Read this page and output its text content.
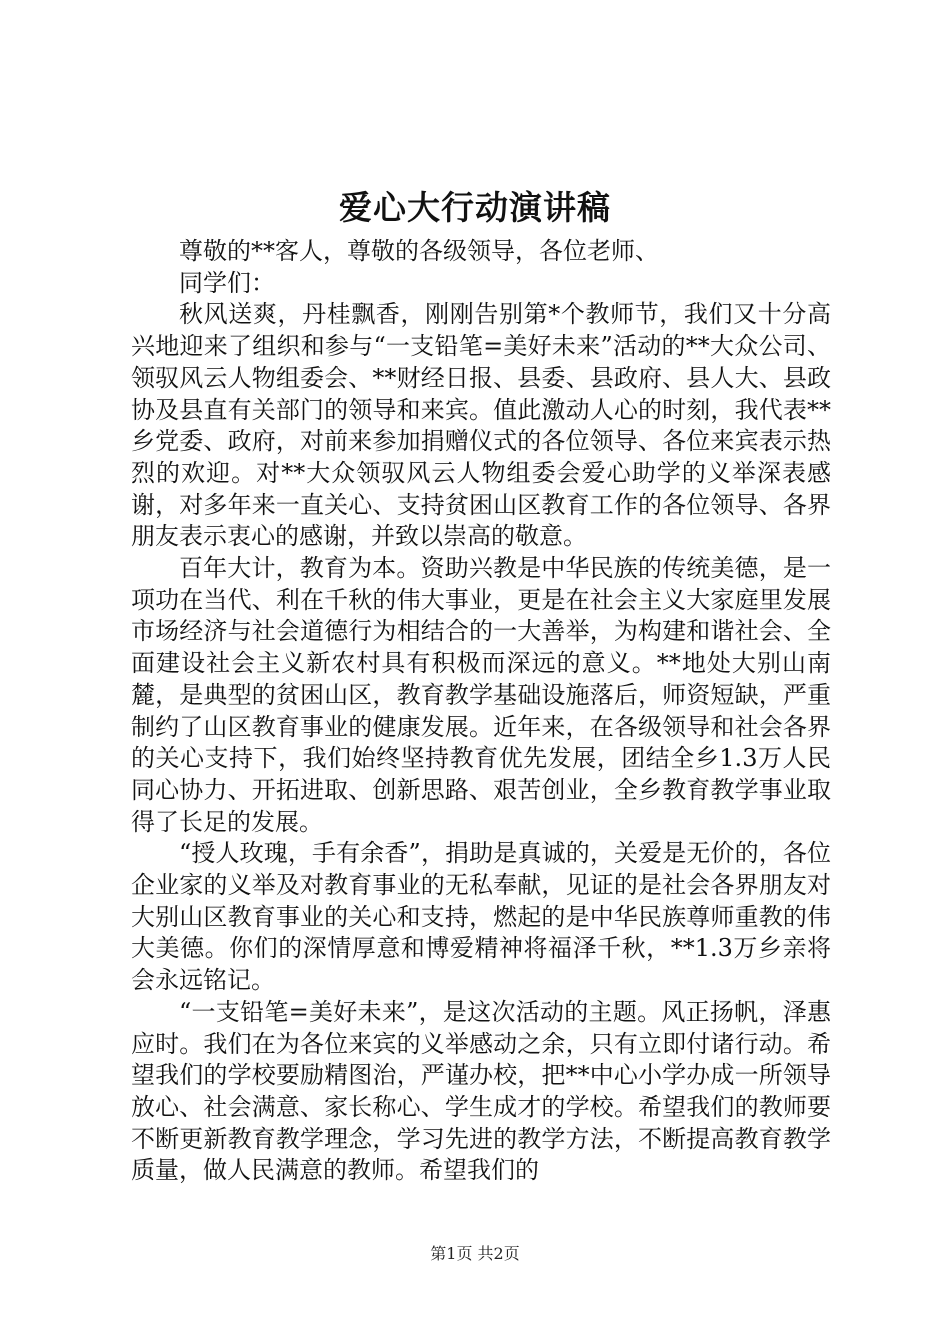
爱心大行动演讲稿

尊敬的**客人，尊敬的各级领导，各位老师、

同学们：

秋风送爽，丹桂飘香，刚刚告别第*个教师节，我们又十分高兴地迎来了组织和参与“一支铅笔=美好未来”活动的**大众公司、领驭风云人物组委会、**财经日报、县委、县政府、县人大、县政协及县直有关部门的领导和来宾。值此激动人心的时刻，我代表**乡党委、政府，对前来参加捐赠仪式的各位领导、各位来宾表示热烈的欢迎。对**大众领驭风云人物组委会爱心助学的义举深表感谢，对多年来一直关心、支持贫困山区教育工作的各位领导、各界朋友表示衷心的感谢，并致以崇高的敬意。

百年大计，教育为本。资助兴教是中华民族的传统美德，是一项功在当代、利在千秋的伟大事业，更是在社会主义大家庭里发展市场经济与社会道德行为相结合的一大善举，为构建和谐社会、全面建设社会主义新农村具有积极而深远的意义。**地处大别山南麓，是典型的贫困山区，教育教学基础设施落后，师资短缺，严重制约了山区教育事业的健康发展。近年来，在各级领导和社会各界的关心支持下，我们始终坚持教育优先发展，团结全乡1.3万人民同心协力、开拓进取、创新思路、艰苦创业，全乡教育教学事业取得了长足的发展。

“授人玫瑰，手有余香”，捐助是真诚的，关爱是无价的，各位企业家的义举及对教育事业的无私奉献，见证的是社会各界朋友对大别山区教育事业的关心和支持，燃起的是中华民族尊师重教的伟大美德。你们的深情厚意和博爱精神将福泽千秋，**1.3万乡亲将会永远铭记。

“一支铅笔=美好未来”，是这次活动的主题。风正扬帆，泽惠应时。我们在为各位来宾的义举感动之余，只有立即付诸行动。希望我们的学校要励精图治，严谨办校，把**中心小学办成一所领导放心、社会满意、家长称心、学生成才的学校。希望我们的教师要不断更新教育教学理念，学习先进的教学方法，不断提高教育教学质量，做人民满意的教师。希望我们的

第1页 共2页
